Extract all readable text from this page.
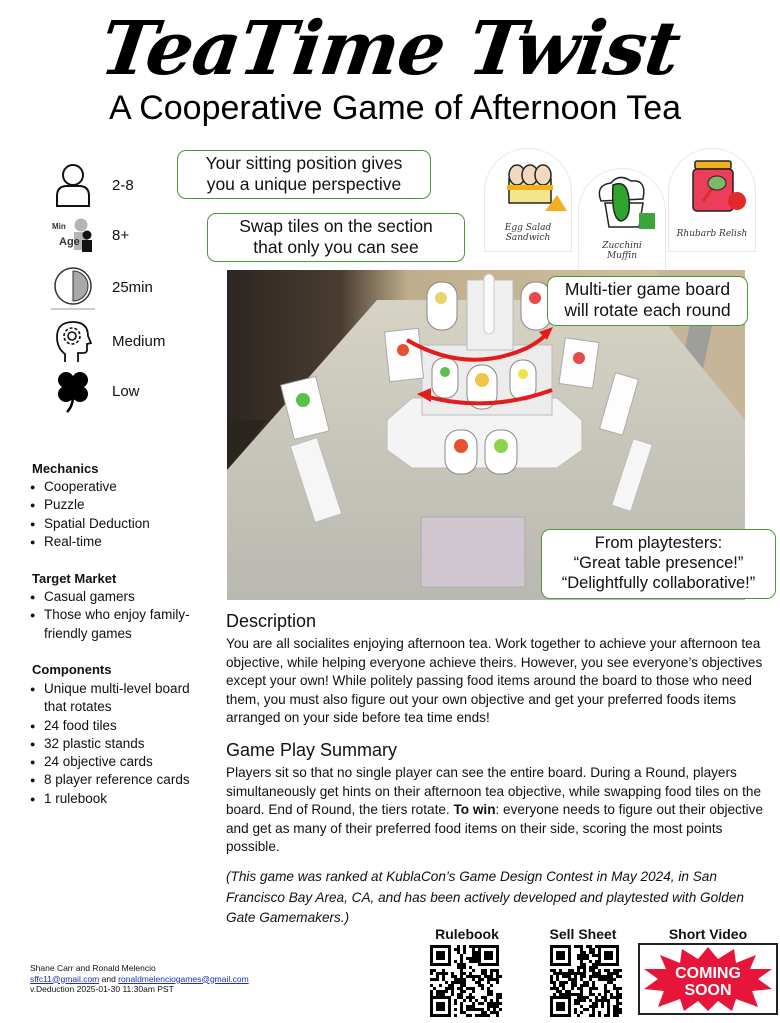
TeaTime Twist
A Cooperative Game of Afternoon Tea
2-8
Min
Age 8+
25min
Medium
Low
Your sitting position gives
you a unique perspective
Swap tiles on the section
that only you can see
Egg Salad
Sandwich
Zucchini
Muffin
Rhubarb Relish
Multi-tier game board
will rotate each round
From playtesters:
“Great table presence!”
“Delightfully collaborative!”
Mechanics
● Cooperative
● Puzzle
● Spatial Deduction
● Real-time
Target Market
● Casual gamers
● Those who enjoy family-friendly games
Components
● Unique multi-level board that rotates
● 24 food tiles
● 32 plastic stands
● 24 objective cards
● 8 player reference cards
● 1 rulebook
Description
You are all socialites enjoying afternoon tea. Work together to achieve your afternoon tea objective, while helping everyone achieve theirs. However, you see everyone’s objectives except your own! While politely passing food items around the board to those who need them, you must also figure out your own objective and get your preferred foods items arranged on your side before tea time ends!
Game Play Summary
Players sit so that no single player can see the entire board. During a Round, players simultaneously get hints on their afternoon tea objective, while swapping food tiles on the board. End of Round, the tiers rotate. To win: everyone needs to figure out their objective and get as many of their preferred food items on their side, scoring the most points possible.
(This game was ranked at KublaCon’s Game Design Contest in May 2024, in San Francisco Bay Area, CA, and has been actively developed and playtested with Golden Gate Gamemakers.)
Shane Carr and Ronald Melencio
sffc11@gmail.com and ronaldmelenciogames@gmail.com
v.Deduction 2025-01-30 11:30am PST
Rulebook	Sell Sheet	Short Video
COMING
SOON
